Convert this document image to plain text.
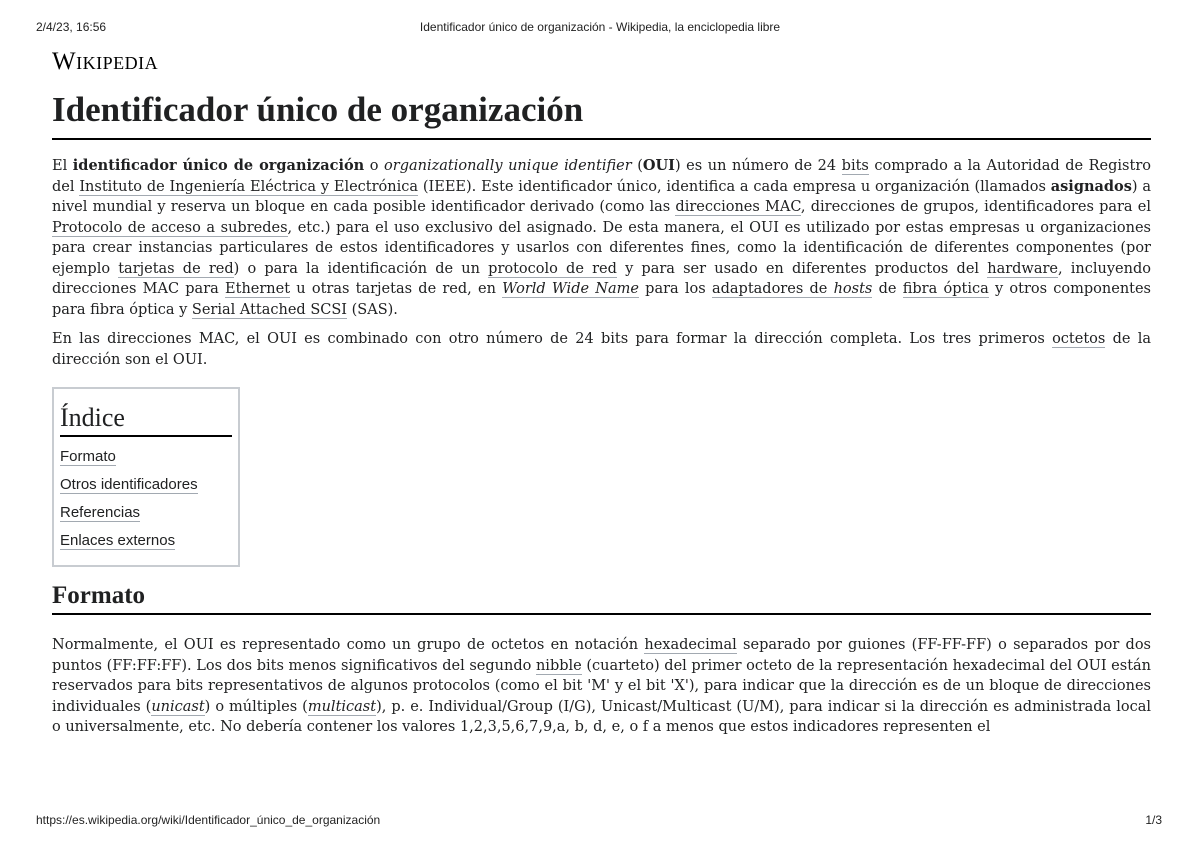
2/4/23, 16:56	Identificador único de organización - Wikipedia, la enciclopedia libre
Wikipedia
Identificador único de organización

El identificador único de organización o organizationally unique identifier (OUI) es un número de 24 bits comprado a la Autoridad de Registro del Instituto de Ingeniería Eléctrica y Electrónica (IEEE). Este identificador único, identifica a cada empresa u organización (llamados asignados) a nivel mundial y reserva un bloque en cada posible identificador derivado (como las direcciones MAC, direcciones de grupos, identificadores para el Protocolo de acceso a subredes, etc.) para el uso exclusivo del asignado. De esta manera, el OUI es utilizado por estas empresas u organizaciones para crear instancias particulares de estos identificadores y usarlos con diferentes fines, como la identificación de diferentes componentes (por ejemplo tarjetas de red) o para la identificación de un protocolo de red y para ser usado en diferentes productos del hardware, incluyendo direcciones MAC para Ethernet u otras tarjetas de red, en World Wide Name para los adaptadores de hosts de fibra óptica y otros componentes para fibra óptica y Serial Attached SCSI (SAS).

En las direcciones MAC, el OUI es combinado con otro número de 24 bits para formar la dirección completa. Los tres primeros octetos de la dirección son el OUI.

Índice
Formato
Otros identificadores
Referencias
Enlaces externos
Formato

Normalmente, el OUI es representado como un grupo de octetos en notación hexadecimal separado por guiones (FF-FF-FF) o separados por dos puntos (FF:FF:FF). Los dos bits menos significativos del segundo nibble (cuarteto) del primer octeto de la representación hexadecimal del OUI están reservados para bits representativos de algunos protocolos (como el bit 'M' y el bit 'X'), para indicar que la dirección es de un bloque de direcciones individuales (unicast) o múltiples (multicast), p. e. Individual/Group (I/G), Unicast/Multicast (U/M), para indicar si la dirección es administrada local o universalmente, etc. No debería contener los valores 1,2,3,5,6,7,9,a, b, d, e, o f a menos que estos indicadores representen el

https://es.wikipedia.org/wiki/Identificador_único_de_organización	1/3
